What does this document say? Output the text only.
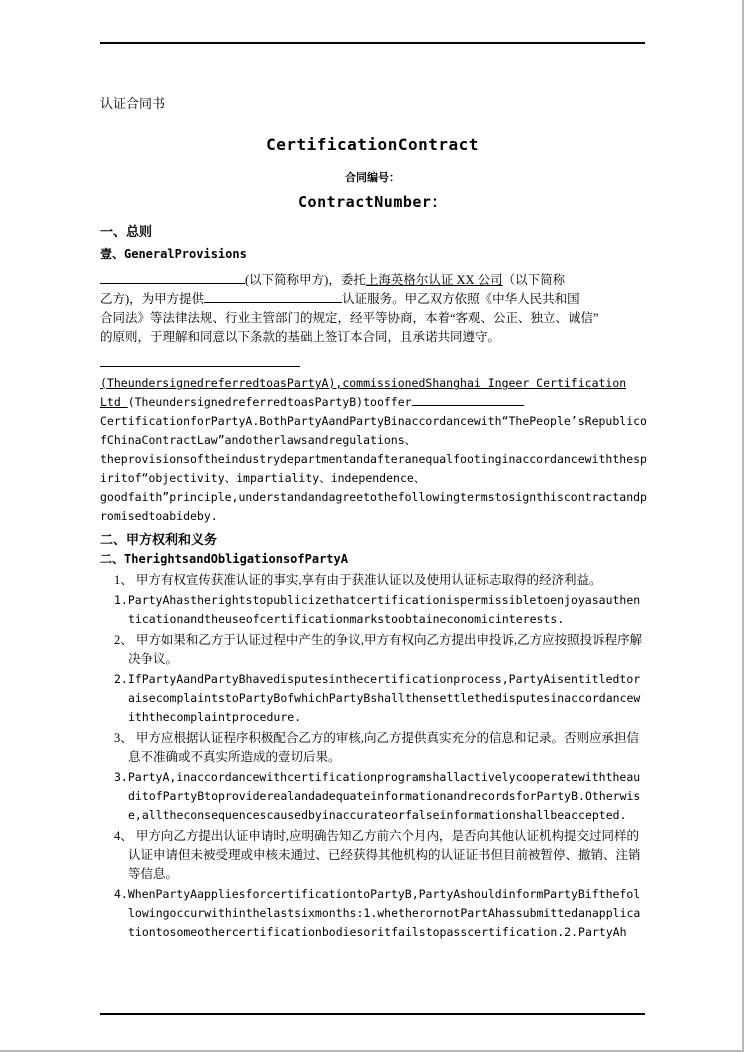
认证合同书
CertificationContract
合同编号：
ContractNumber：
一、总则
壹、GeneralProvisions
(以下简称甲方)，委托上海英格尔认证 XX 公司（以下简称
乙方)，为甲方提供	认证服务。甲乙双方依照《中华人民共和国
合同法》等法律法规、行业主管部门的规定，经平等协商，本着“客观、公正、独立、诚信”
的原则，于理解和同意以下条款的基础上签订本合同，且承诺共同遵守。
(TheundersignedreferredtoasPartyA),commissionedShanghai Ingeer Certification
Ltd (TheundersignedreferredtoasPartyB)tooffer
CertificationforPartyA.BothPartyAandPartyBinaccordancewith“ThePeople’sRepublico
fChinaContractLaw”andotherlawsandregulations、
theprovisionsoftheindustrydepartmentandafteranequalfootinginaccordancewiththesp
iritof“objectivity、impartiality、independence、
goodfaith”principle,understandandagreetothefollowingtermstosignthiscontractandp
romisedtoabideby.
二、甲方权利和义务
二、TherightsandObligationsofPartyA
1、 甲方有权宣传获准认证的事实,享有由于获准认证以及使用认证标志取得的经济利益。
1.PartyAhastherightstopublicizethatcertificationispermissibletoenjoyasauthenticationandtheuseofcertificationmarkstoobtaineconomicinterests.
2、 甲方如果和乙方于认证过程中产生的争议,甲方有权向乙方提出申投诉,乙方应按照投诉程序解决争议。
2.IfPartyAandPartyBhavedisputesinthecertificationprocess,PartyAisentitledtoraisecomplaintstoPartyBofwhichPartyBshallthensettlethedisputesinaccordancewiththecomplaintprocedure.
3、 甲方应根据认证程序积极配合乙方的审核,向乙方提供真实充分的信息和记录。否则应承担信息不准确或不真实所造成的壹切后果。
3.PartyA,inaccordancewithcertificationprogramshallactivelycooperatewiththeauditofPartyBtoproviderealandadequateinformationandrecordsforPartyB.Otherwise,alltheconsequencescausedbyinaccurateorfalseinformationshallbeaccepted.
4、 甲方向乙方提出认证申请时,应明确告知乙方前六个月内，是否向其他认证机构提交过同样的认证申请但未被受理或申核未通过、已经获得其他机构的认证证书但目前被暂停、撤销、注销等信息。
4.WhenPartyAappliesforcertificationtoPartyB,PartyAshouldinformPartyBifthefollowingoccurwithinthelastsixmonths:1.whetherornotPartAhassubmittedanapplicationtosomeothercertificationbodiesoritfailstopasscertification.2.PartyAh
